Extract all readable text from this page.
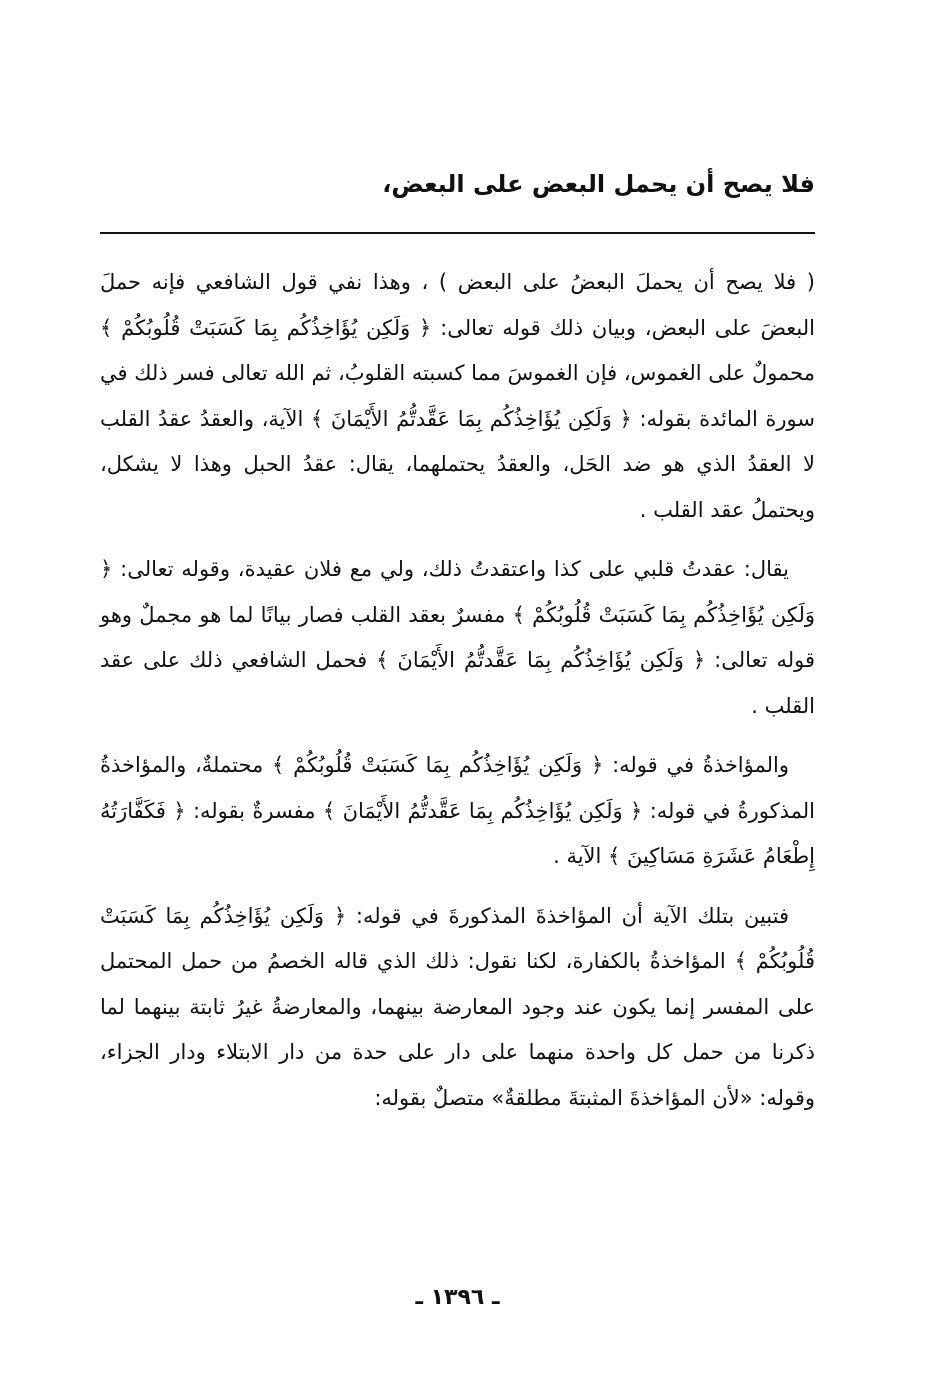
فلا يصح أن يحمل البعض على البعض،

( فلا يصح أن يحملَ البعضُ على البعض ) ، وهذا نفي قول الشافعي فإنه حملَ البعضَ على البعض، وبيان ذلك قوله تعالى: ﴿ وَلَكِن يُؤَاخِذُكُم بِمَا كَسَبَتْ قُلُوبُكُمْ ﴾ محمولٌ على الغموس، فإن الغموسَ مما كسبته القلوبُ، ثم الله تعالى فسر ذلك في سورة المائدة بقوله: ﴿ وَلَكِن يُؤَاخِذُكُم بِمَا عَقَّدتُّمُ الأَيْمَانَ ﴾ الآية، والعقدُ عقدُ القلب لا العقدُ الذي هو ضد الحَل، والعقدُ يحتملهما، يقال: عقدُ الحبل وهذا لا يشكل، ويحتملُ عقد القلب .

يقال: عقدتُ قلبي على كذا واعتقدتُ ذلك، ولي مع فلان عقيدة، وقوله تعالى: ﴿ وَلَكِن يُؤَاخِذُكُم بِمَا كَسَبَتْ قُلُوبُكُمْ ﴾ مفسرٌ بعقد القلب فصار بيانًا لما هو مجملٌ وهو قوله تعالى: ﴿ وَلَكِن يُؤَاخِذُكُم بِمَا عَقَّدتُّمُ الأَيْمَانَ ﴾ فحمل الشافعي ذلك على عقد القلب .

والمؤاخذةُ في قوله: ﴿ وَلَكِن يُؤَاخِذُكُم بِمَا كَسَبَتْ قُلُوبُكُمْ ﴾ محتملةٌ، والمؤاخذةُ المذكورةُ في قوله: ﴿ وَلَكِن يُؤَاخِذُكُم بِمَا عَقَّدتُّمُ الأَيْمَانَ ﴾ مفسرةٌ بقوله: ﴿ فَكَفَّارَتُهُ إِطْعَامُ عَشَرَةِ مَسَاكِينَ ﴾ الآية .

فتبين بتلك الآية أن المؤاخذةَ المذكورةَ في قوله: ﴿ وَلَكِن يُؤَاخِذُكُم بِمَا كَسَبَتْ قُلُوبُكُمْ ﴾ المؤاخذةُ بالكفارة، لكنا نقول: ذلك الذي قاله الخصمُ من حمل المحتمل على المفسر إنما يكون عند وجود المعارضة بينهما، والمعارضةُ غيرُ ثابتة بينهما لما ذكرنا من حمل كل واحدة منهما على دار على حدة من دار الابتلاء ودار الجزاء، وقوله: «لأن المؤاخذةَ المثبتةَ مطلقةٌ» متصلٌ بقوله:

ـ ١٣٩٦ ـ
